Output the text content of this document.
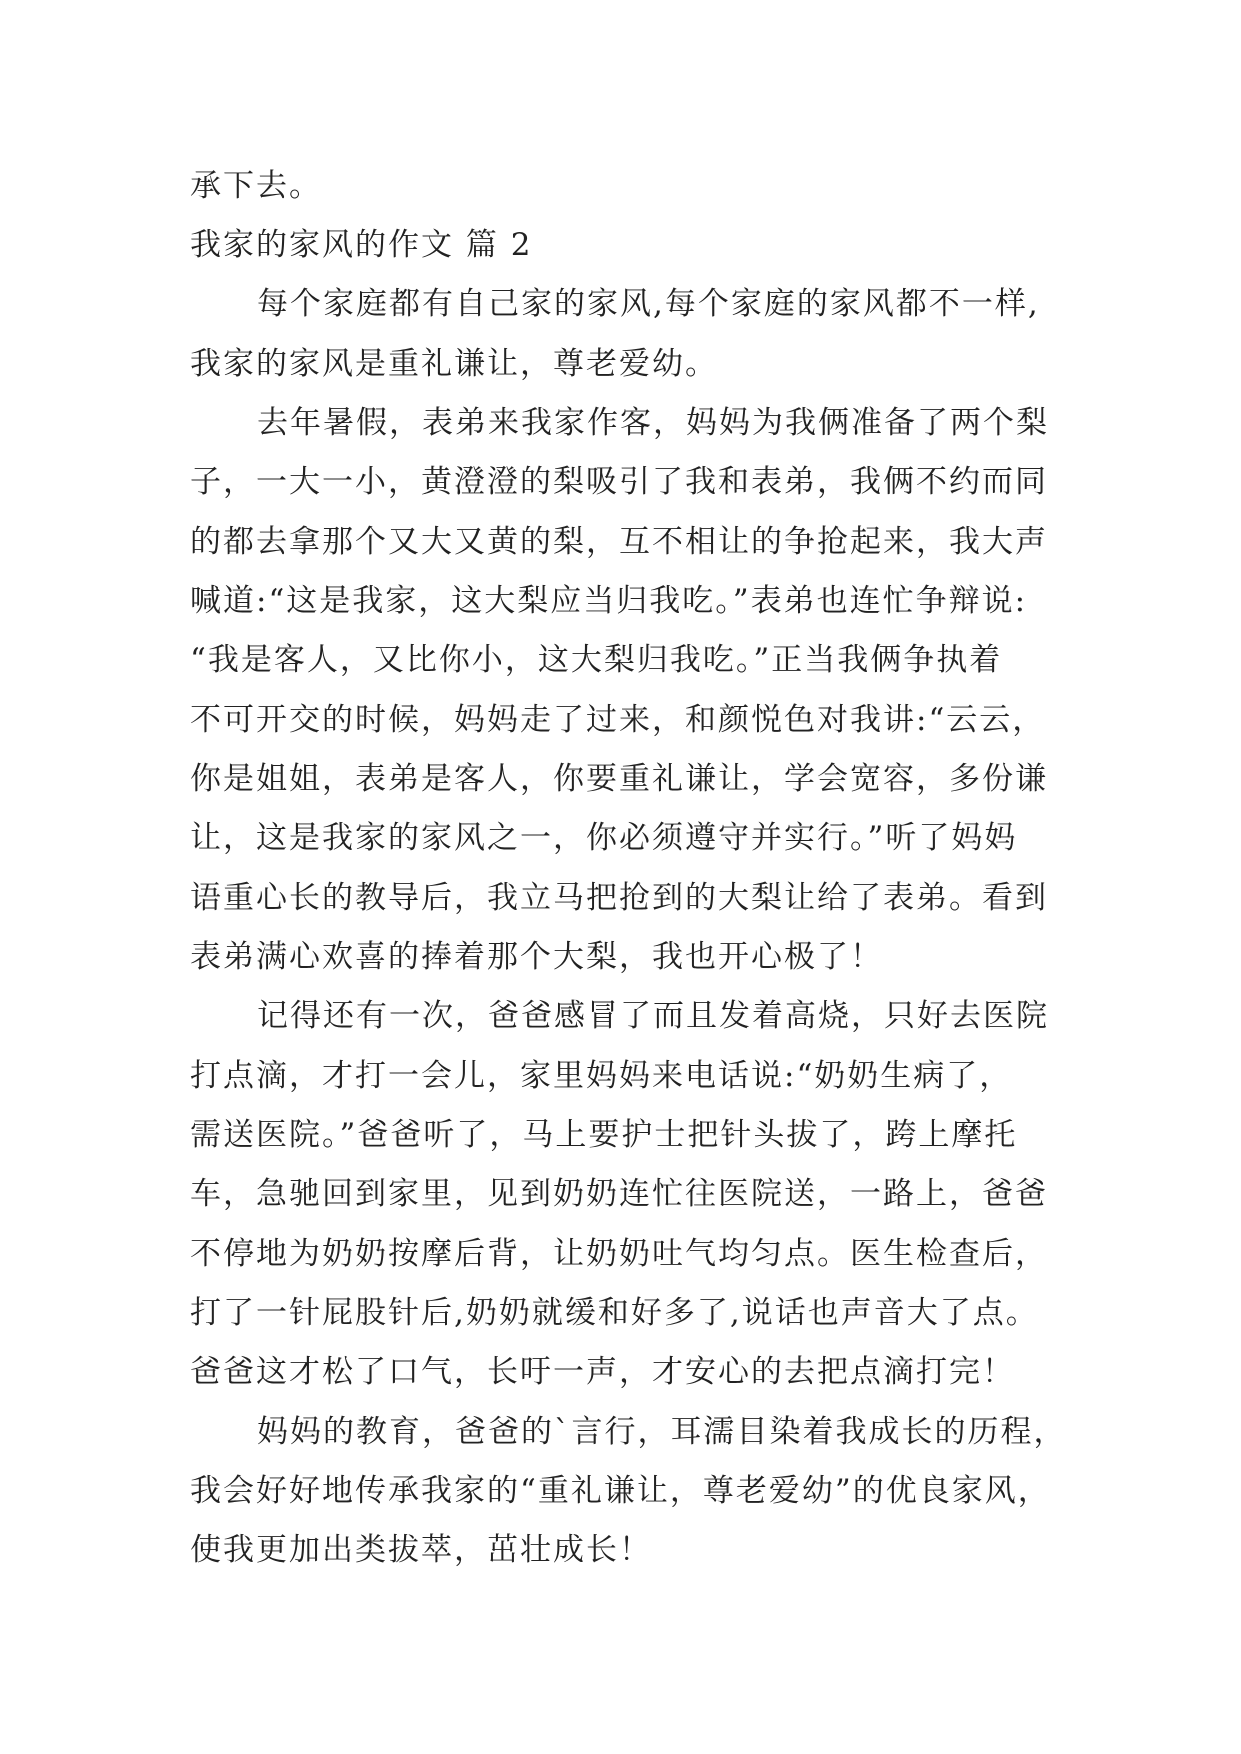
承下去。
我家的家风的作文 篇 2
每个家庭都有自己家的家风,每个家庭的家风都不一样,
我家的家风是重礼谦让，尊老爱幼。
去年暑假，表弟来我家作客，妈妈为我俩准备了两个梨
子，一大一小，黄澄澄的梨吸引了我和表弟，我俩不约而同
的都去拿那个又大又黄的梨，互不相让的争抢起来，我大声
喊道:“这是我家，这大梨应当归我吃。”表弟也连忙争辩说:
“我是客人，又比你小，这大梨归我吃。”正当我俩争执着
不可开交的时候，妈妈走了过来，和颜悦色对我讲:“云云，
你是姐姐，表弟是客人，你要重礼谦让，学会宽容，多份谦
让，这是我家的家风之一，你必须遵守并实行。”听了妈妈
语重心长的教导后，我立马把抢到的大梨让给了表弟。看到
表弟满心欢喜的捧着那个大梨，我也开心极了！
记得还有一次，爸爸感冒了而且发着高烧，只好去医院
打点滴，才打一会儿，家里妈妈来电话说:“奶奶生病了，
需送医院。”爸爸听了，马上要护士把针头拔了，跨上摩托
车，急驰回到家里，见到奶奶连忙往医院送，一路上，爸爸
不停地为奶奶按摩后背，让奶奶吐气均匀点。医生检查后，
打了一针屁股针后,奶奶就缓和好多了,说话也声音大了点。
爸爸这才松了口气，长吁一声，才安心的去把点滴打完！
妈妈的教育，爸爸的`言行，耳濡目染着我成长的历程，
我会好好地传承我家的“重礼谦让，尊老爱幼”的优良家风，
使我更加出类拔萃，茁壮成长！
